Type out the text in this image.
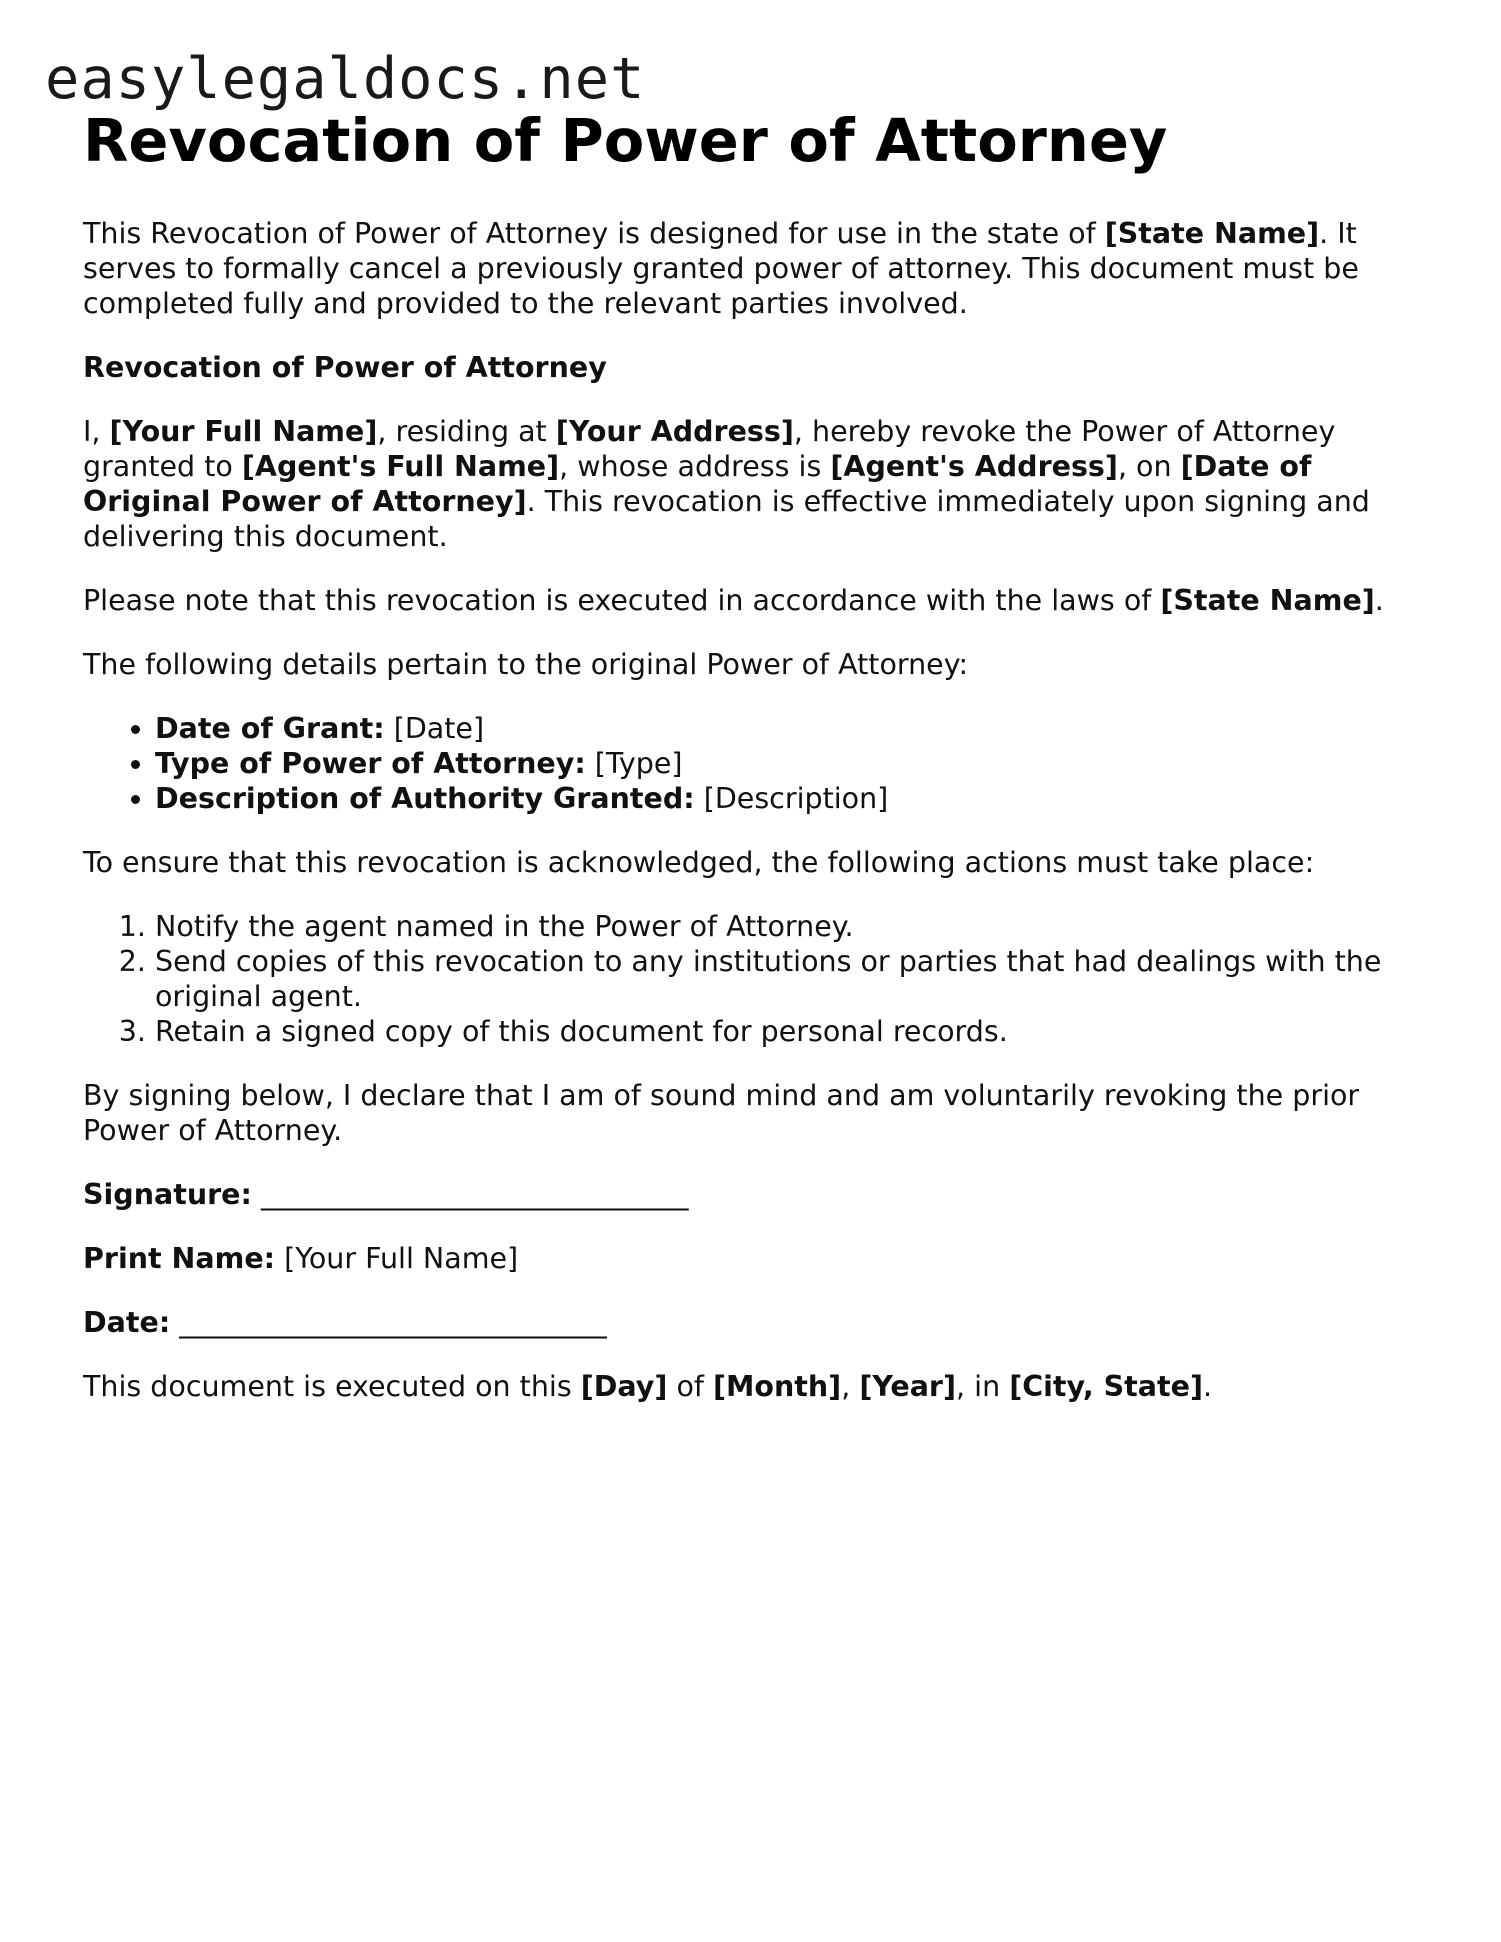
easylegaldocs.net
Revocation of Power of Attorney

This Revocation of Power of Attorney is designed for use in the state of [State Name]. It serves to formally cancel a previously granted power of attorney. This document must be completed fully and provided to the relevant parties involved.

Revocation of Power of Attorney

I, [Your Full Name], residing at [Your Address], hereby revoke the Power of Attorney granted to [Agent's Full Name], whose address is [Agent's Address], on [Date of Original Power of Attorney]. This revocation is effective immediately upon signing and delivering this document.

Please note that this revocation is executed in accordance with the laws of [State Name].

The following details pertain to the original Power of Attorney:

• Date of Grant: [Date]
• Type of Power of Attorney: [Type]
• Description of Authority Granted: [Description]

To ensure that this revocation is acknowledged, the following actions must take place:

1. Notify the agent named in the Power of Attorney.
2. Send copies of this revocation to any institutions or parties that had dealings with the original agent.
3. Retain a signed copy of this document for personal records.

By signing below, I declare that I am of sound mind and am voluntarily revoking the prior Power of Attorney.

Signature: ______________________________

Print Name: [Your Full Name]

Date: ______________________________

This document is executed on this [Day] of [Month], [Year], in [City, State].
